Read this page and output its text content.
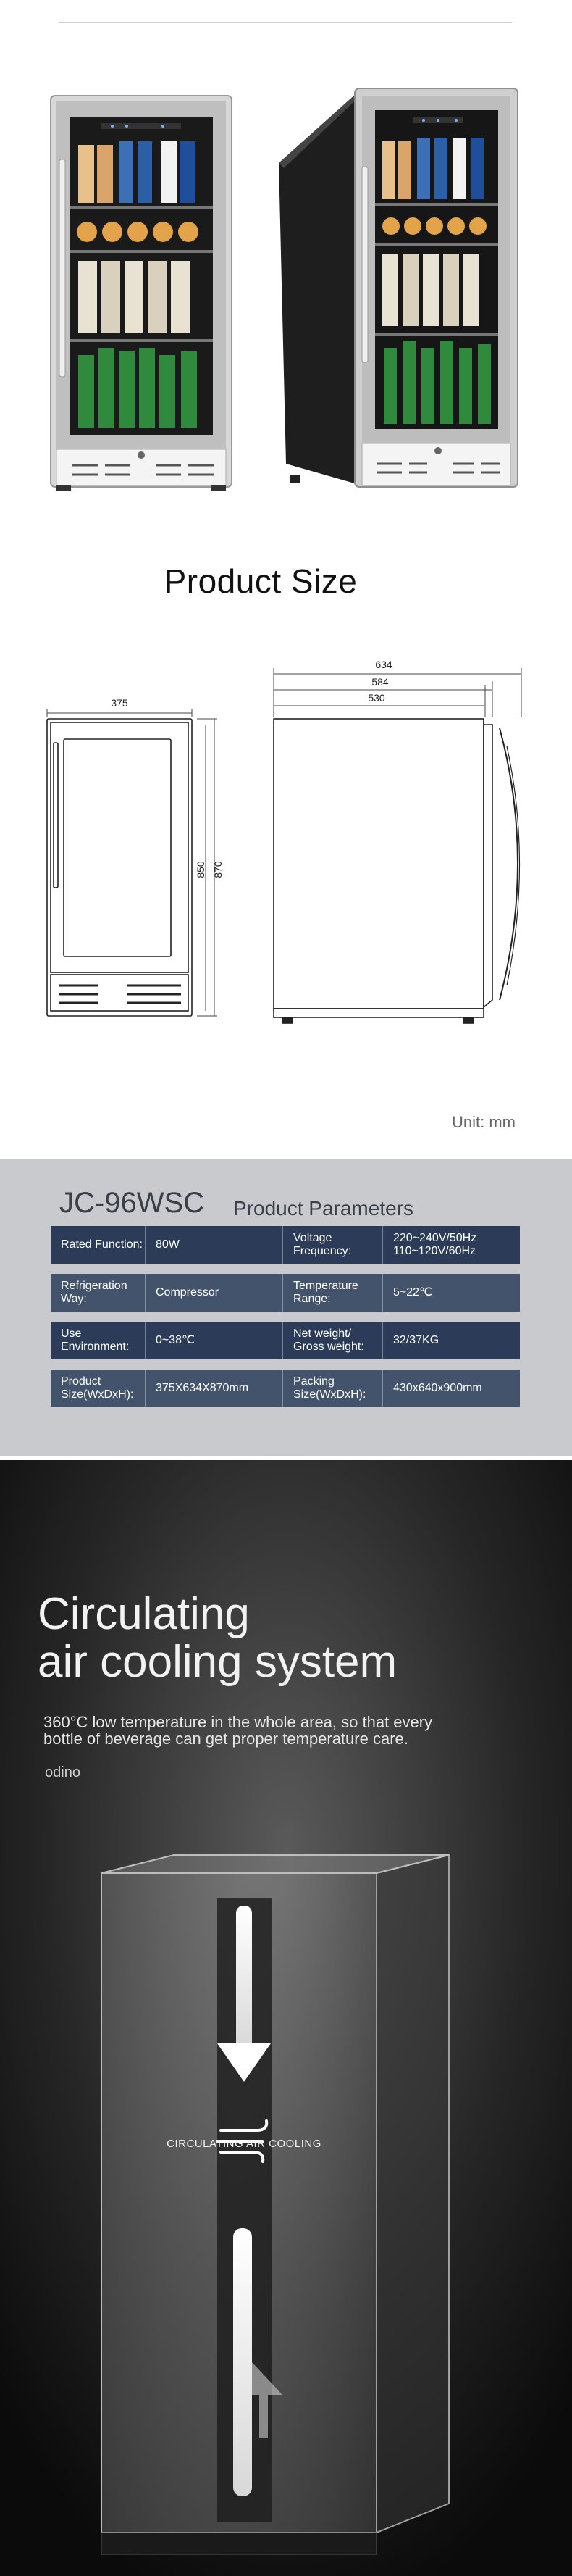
Product Size
375
850 870
634
584
530
Unit: mm
JC-96WSC Product Parameters
Rated Function:	80W
Voltage Frequency:
220~240V/50Hz 110~120V/60Hz
Refrigeration Way:
Compressor
Temperature Range:
5~22℃
Use Environment:
0~38℃
Net weight/ Gross weight:
32/37KG
Product Size(WxDxH):
375X634X870mm
Packing Size(WxDxH):
430x640x900mm
Circulating
air cooling system
360°C low temperature in the whole area, so that every bottle of beverage can get proper temperature care.
odino
CIRCULATING AIR COOLING
